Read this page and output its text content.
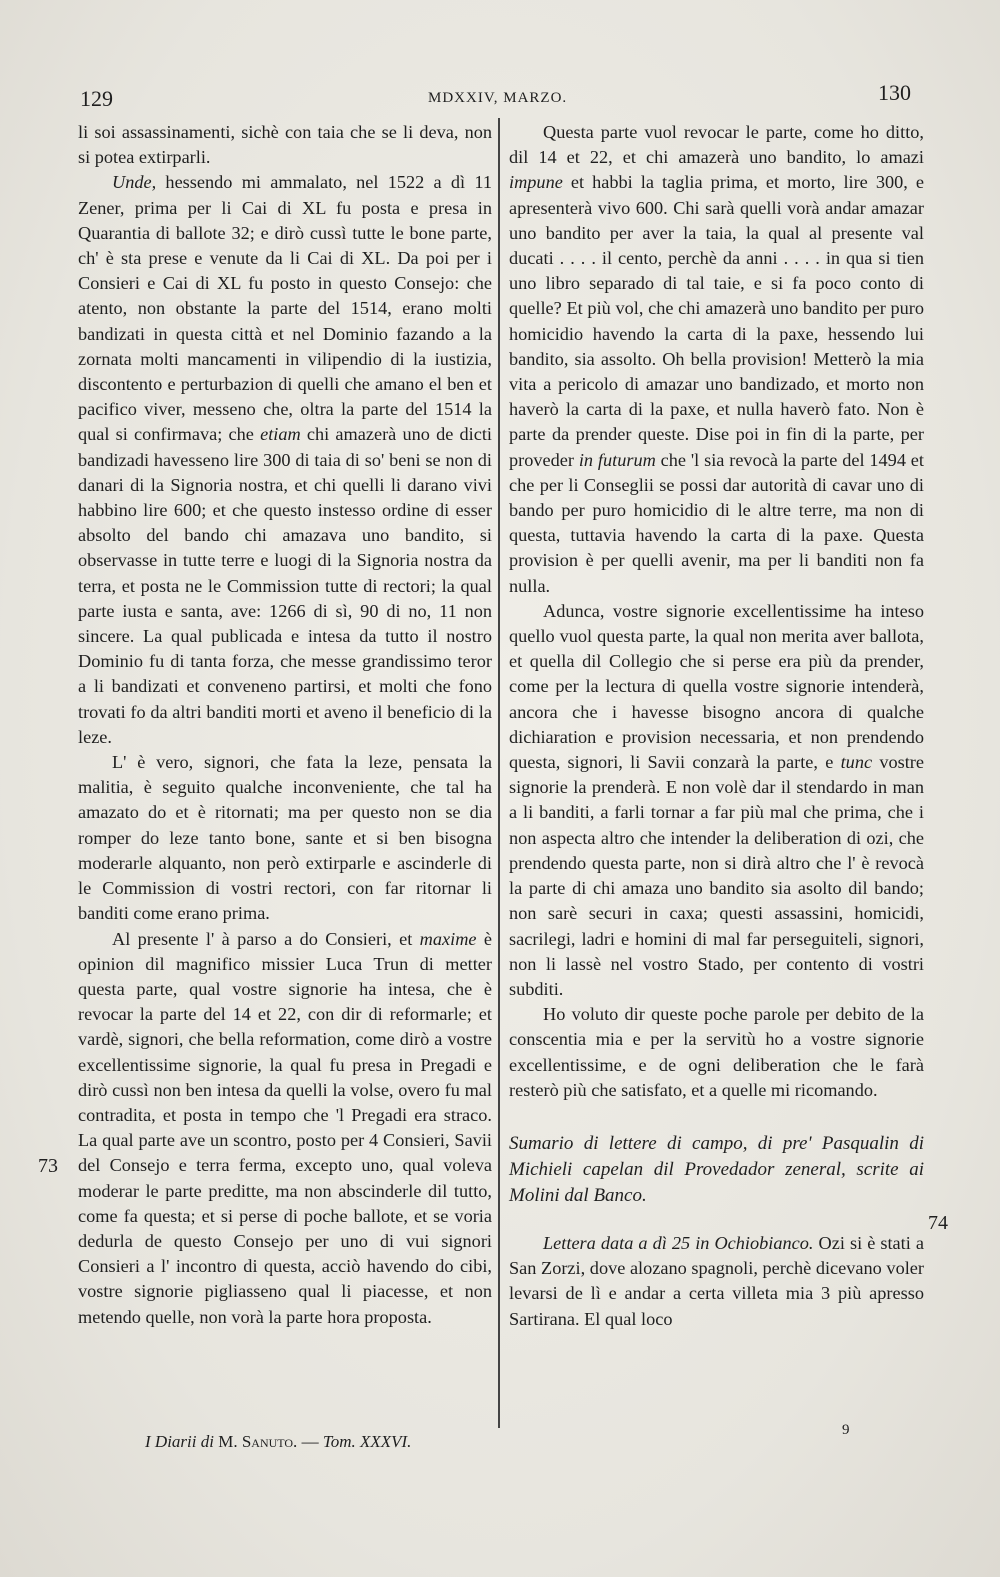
129	MDXXIV, MARZO.	130

li soi assassinamenti, sichè con taia che se li deva, non si potea extirparli.

Unde, hessendo mi ammalato, nel 1522 a dì 11 Zener, prima per li Cai di XL fu posta e presa in Quarantia di ballote 32; e dirò cussì tutte le bone parte, ch' è sta prese e venute da li Cai di XL. Da poi per i Consieri e Cai di XL fu posto in questo Consejo: che atento, non obstante la parte del 1514, erano molti bandizati in questa città et nel Dominio fazando a la zornata molti mancamenti in vilipendio di la iustizia, discontento e perturbazion di quelli che amano el ben et pacifico viver, messeno che, oltra la parte del 1514 la qual si confirmava; che etiam chi amazerà uno de dicti bandizadi havesseno lire 300 di taia di so' beni se non di danari di la Signoria nostra, et chi quelli li darano vivi habbino lire 600; et che questo instesso ordine di esser absolto del bando chi amazava uno bandito, si observasse in tutte terre e luogi di la Signoria nostra da terra, et posta ne le Commission tutte di rectori; la qual parte iusta e santa, ave: 1266 di sì, 90 di no, 11 non sincere. La qual publicada e intesa da tutto il nostro Dominio fu di tanta forza, che messe grandissimo teror a li bandizati et conveneno partirsi, et molti che fono trovati fo da altri banditi morti et aveno il beneficio di la leze.

L' è vero, signori, che fata la leze, pensata la malitia, è seguito qualche inconveniente, che tal ha amazato do et è ritornati; ma per questo non se dia romper do leze tanto bone, sante et si ben bisogna moderarle alquanto, non però extirparle e ascinderle di le Commission di vostri rectori, con far ritornar li banditi come erano prima.

Al presente l' à parso a do Consieri, et maxime è opinion dil magnifico missier Luca Trun di metter questa parte, qual vostre signorie ha intesa, che è revocar la parte del 14 et 22, con dir di reformarle; et vardè, signori, che bella reformation, come dirò a vostre excellentissime signorie, la qual fu presa in Pregadi e dirò cussì non ben intesa da quelli la volse, overo fu mal contradita, et posta in tempo che 'l Pregadi era straco. La qual parte ave un scontro, posto per 4 Consieri, Savii del Consejo e terra ferma, excepto uno, qual voleva moderar le parte preditte, ma non abscinderle dil tutto, come fa questa; et si perse di poche ballote, et se voria dedurla de questo Consejo per uno di vui signori Consieri a l' incontro di questa, acciò havendo do cibi, vostre signorie pigliasseno qual li piacesse, et non metendo quelle, non vorà la parte hora proposta.

Questa parte vuol revocar le parte, come ho ditto, dil 14 et 22, et chi amazerà uno bandito, lo amazi impune et habbi la taglia prima, et morto, lire 300, e apresenterà vivo 600. Chi sarà quelli vorà andar amazar uno bandito per aver la taia, la qual al presente val ducati . . . . il cento, perchè da anni . . . . in qua si tien uno libro separado di tal taie, e si fa poco conto di quelle? Et più vol, che chi amazerà uno bandito per puro homicidio havendo la carta di la paxe, hessendo lui bandito, sia assolto. Oh bella provision! Metterò la mia vita a pericolo di amazar uno bandizado, et morto non haverò la carta di la paxe, et nulla haverò fato. Non è parte da prender queste. Dise poi in fin di la parte, per proveder in futurum che 'l sia revocà la parte del 1494 et che per li Conseglii se possi dar autorità di cavar uno di bando per puro homicidio di le altre terre, ma non di questa, tuttavia havendo la carta di la paxe. Questa provision è per quelli avenir, ma per li banditi non fa nulla.

Adunca, vostre signorie excellentissime ha inteso quello vuol questa parte, la qual non merita aver ballota, et quella dil Collegio che si perse era più da prender, come per la lectura di quella vostre signorie intenderà, ancora che i havesse bisogno ancora di qualche dichiaration e provision necessaria, et non prendendo questa, signori, li Savii conzarà la parte, e tunc vostre signorie la prenderà. E non volè dar il stendardo in man a li banditi, a farli tornar a far più mal che prima, che i non aspecta altro che intender la deliberation di ozi, che prendendo questa parte, non si dirà altro che l' è revocà la parte di chi amaza uno bandito sia asolto dil bando; non sarè securi in caxa; questi assassini, homicidi, sacrilegi, ladri e homini di mal far perseguiteli, signori, non li lassè nel vostro Stado, per contento di vostri subditi.

Ho voluto dir queste poche parole per debito de la conscentia mia e per la servitù ho a vostre signorie excellentissime, e de ogni deliberation che le farà resterò più che satisfato, et a quelle mi ricomando.

Sumario di lettere di campo, di pre' Pasqualin di Michieli capelan dil Provedador zeneral, scrite ai Molini dal Banco.

Lettera data a dì 25 in Ochiobianco. Ozi si è stati a San Zorzi, dove alozano spagnoli, perchè dicevano voler levarsi de lì e andar a certa villeta mia 3 più apresso Sartirana. El qual loco

73
74
I Diarii di M. Sanuto. — Tom. XXXVI.
9
